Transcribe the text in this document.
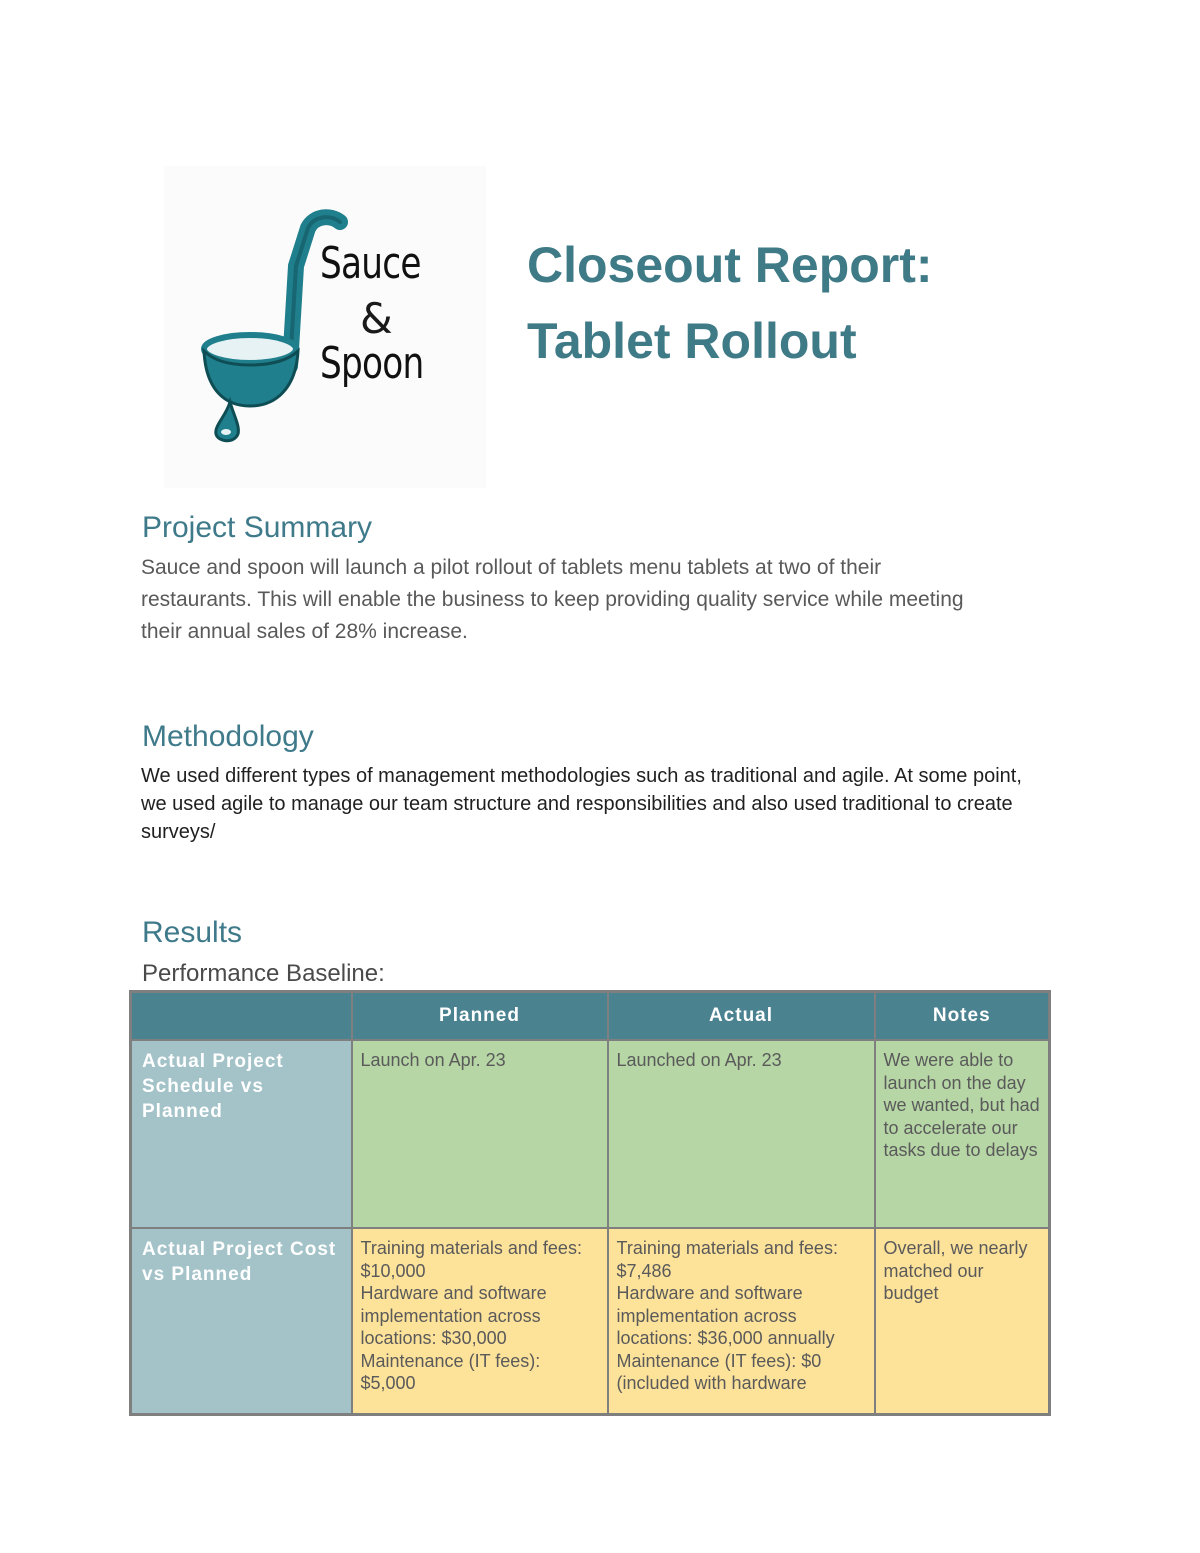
Sauce
&
Spoon
Closeout Report:
Tablet Rollout
Project Summary

Sauce and spoon will launch a pilot rollout of tablets menu tablets at two of their restaurants. This will enable the business to keep providing quality service while meeting their annual sales of 28% increase.

Methodology

We used different types of management methodologies such as traditional and agile. At some point, we used agile to manage our team structure and responsibilities and also used traditional to create surveys/

Results
Performance Baseline:
	Planned	Actual	Notes
Actual Project Schedule vs Planned	Launch on Apr. 23	Launched on Apr. 23	We were able to launch on the day we wanted, but had to accelerate our tasks due to delays

Actual Project Cost vs Planned	Training materials and fees: $10,000
Hardware and software implementation across locations: $30,000
Maintenance (IT fees): $5,000	Training materials and fees: $7,486
Hardware and software implementation across locations: $36,000 annually
Maintenance (IT fees): $0 (included with hardware	Overall, we nearly matched our budget
